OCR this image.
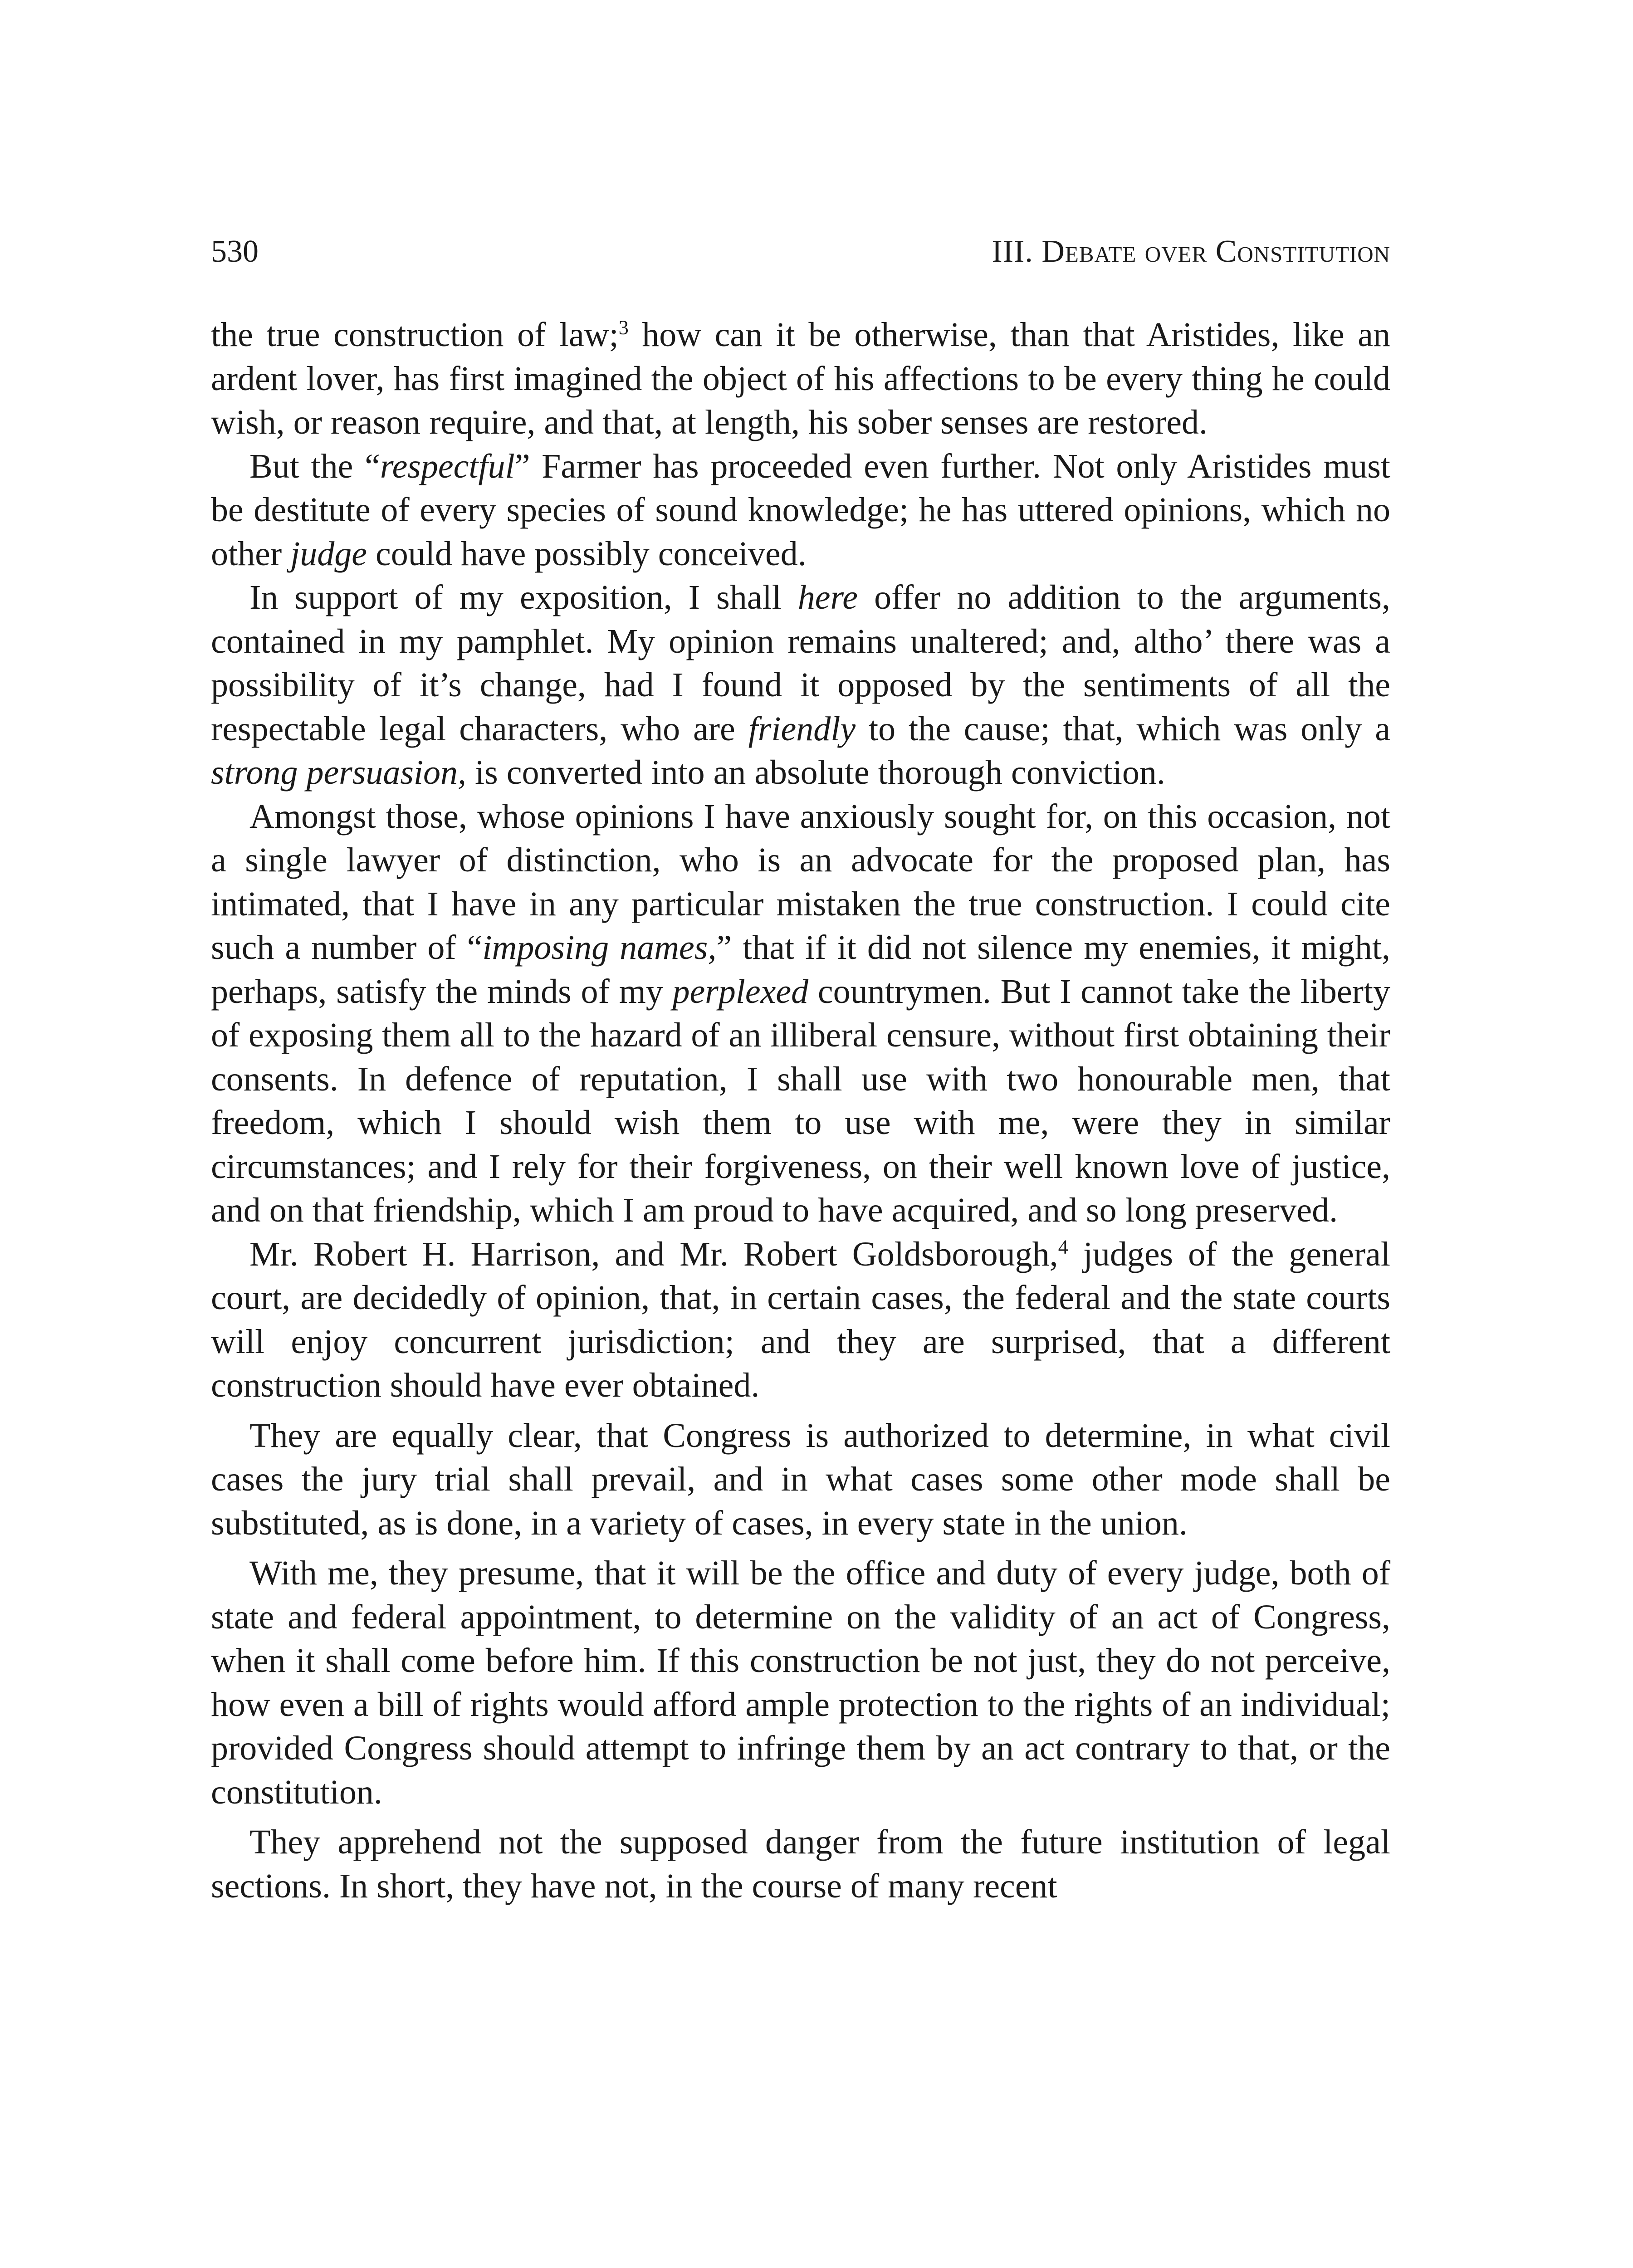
530	III. Debate over Constitution

the true construction of law;$^3$ how can it be otherwise, than that Aristides, like an ardent lover, has first imagined the object of his affections to be every thing he could wish, or reason require, and that, at length, his sober senses are restored.

But the “respectful” Farmer has proceeded even further. Not only Aristides must be destitute of every species of sound knowledge; he has uttered opinions, which no other judge could have possibly conceived.

In support of my exposition, I shall here offer no addition to the arguments, contained in my pamphlet. My opinion remains unaltered; and, altho’ there was a possibility of it’s change, had I found it opposed by the sentiments of all the respectable legal characters, who are friendly to the cause; that, which was only a strong persuasion, is converted into an absolute thorough conviction.

Amongst those, whose opinions I have anxiously sought for, on this occasion, not a single lawyer of distinction, who is an advocate for the proposed plan, has intimated, that I have in any particular mistaken the true construction. I could cite such a number of “imposing names,” that if it did not silence my enemies, it might, perhaps, satisfy the minds of my perplexed countrymen. But I cannot take the liberty of exposing them all to the hazard of an illiberal censure, without first obtaining their consents. In defence of reputation, I shall use with two honourable men, that freedom, which I should wish them to use with me, were they in similar circumstances; and I rely for their forgiveness, on their well known love of justice, and on that friendship, which I am proud to have acquired, and so long preserved.

Mr. Robert H. Harrison, and Mr. Robert Goldsborough,$^4$ judges of the general court, are decidedly of opinion, that, in certain cases, the federal and the state courts will enjoy concurrent jurisdiction; and they are surprised, that a different construction should have ever obtained.

They are equally clear, that Congress is authorized to determine, in what civil cases the jury trial shall prevail, and in what cases some other mode shall be substituted, as is done, in a variety of cases, in every state in the union.

With me, they presume, that it will be the office and duty of every judge, both of state and federal appointment, to determine on the validity of an act of Congress, when it shall come before him. If this construction be not just, they do not perceive, how even a bill of rights would afford ample protection to the rights of an individual; provided Congress should attempt to infringe them by an act contrary to that, or the constitution.

They apprehend not the supposed danger from the future institution of legal sections. In short, they have not, in the course of many recent
